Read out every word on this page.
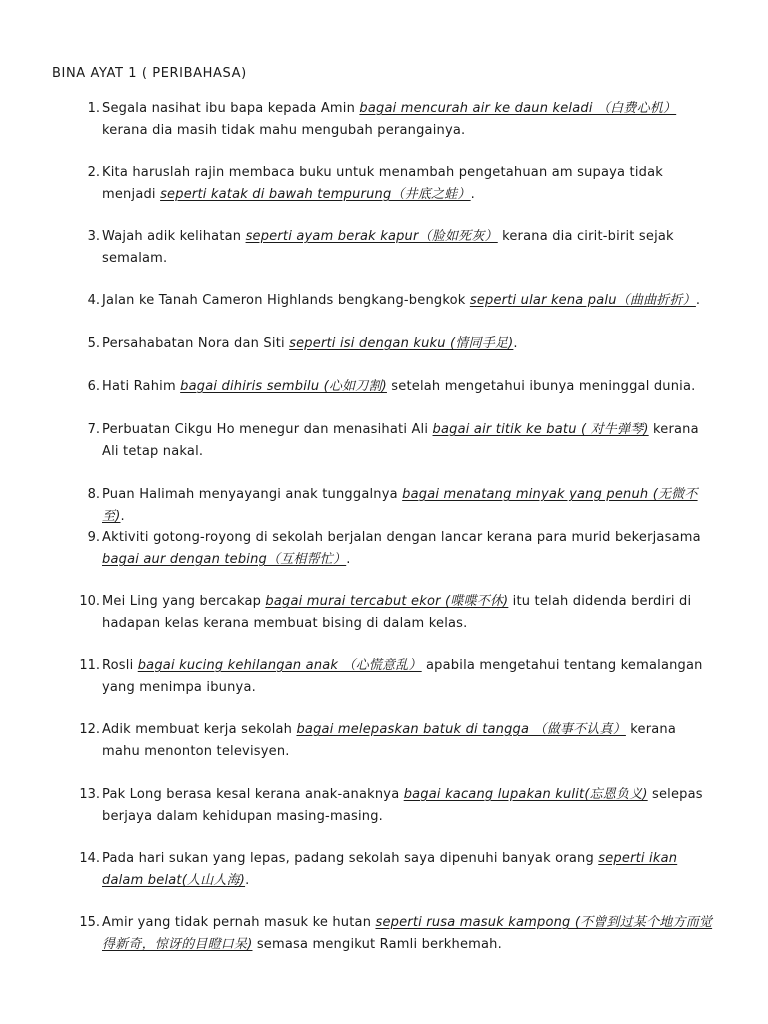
BINA AYAT 1 ( PERIBAHASA)
1. Segala nasihat ibu bapa kepada Amin bagai mencurah air ke daun keladi （白费心机） kerana dia masih tidak mahu mengubah perangainya.
2. Kita haruslah rajin membaca buku untuk menambah pengetahuan am supaya tidak menjadi seperti katak di bawah tempurung（井底之蛙）.
3. Wajah adik kelihatan seperti ayam berak kapur（脸如死灰） kerana dia cirit-birit sejak semalam.
4. Jalan ke Tanah Cameron Highlands bengkang-bengkok seperti ular kena palu（曲曲折折）.
5. Persahabatan Nora dan Siti seperti isi dengan kuku (情同手足).
6. Hati Rahim bagai dihiris sembilu (心如刀割) setelah mengetahui ibunya meninggal dunia.
7. Perbuatan Cikgu Ho menegur dan menasihati Ali bagai air titik ke batu ( 对牛弹琴) kerana Ali tetap nakal.
8. Puan Halimah menyayangi anak tunggalnya bagai menatang minyak yang penuh (无微不至).
9. Aktiviti gotong-royong di sekolah berjalan dengan lancar kerana para murid bekerjasama bagai aur dengan tebing（互相帮忙）.
10. Mei Ling yang bercakap bagai murai tercabut ekor (喋喋不休) itu telah didenda berdiri di hadapan kelas kerana membuat bising di dalam kelas.
11. Rosli bagai kucing kehilangan anak （心慌意乱） apabila mengetahui tentang kemalangan yang menimpa ibunya.
12. Adik membuat kerja sekolah bagai melepaskan batuk di tangga （做事不认真） kerana mahu menonton televisyen.
13. Pak Long berasa kesal kerana anak-anaknya bagai kacang lupakan kulit(忘恩负义) selepas berjaya dalam kehidupan masing-masing.
14. Pada hari sukan yang lepas, padang sekolah saya dipenuhi banyak orang seperti ikan dalam belat(人山人海).
15. Amir yang tidak pernah masuk ke hutan seperti rusa masuk kampong (不曾到过某个地方而觉得新奇，惊讶的目瞪口呆) semasa mengikut Ramli berkhemah.
